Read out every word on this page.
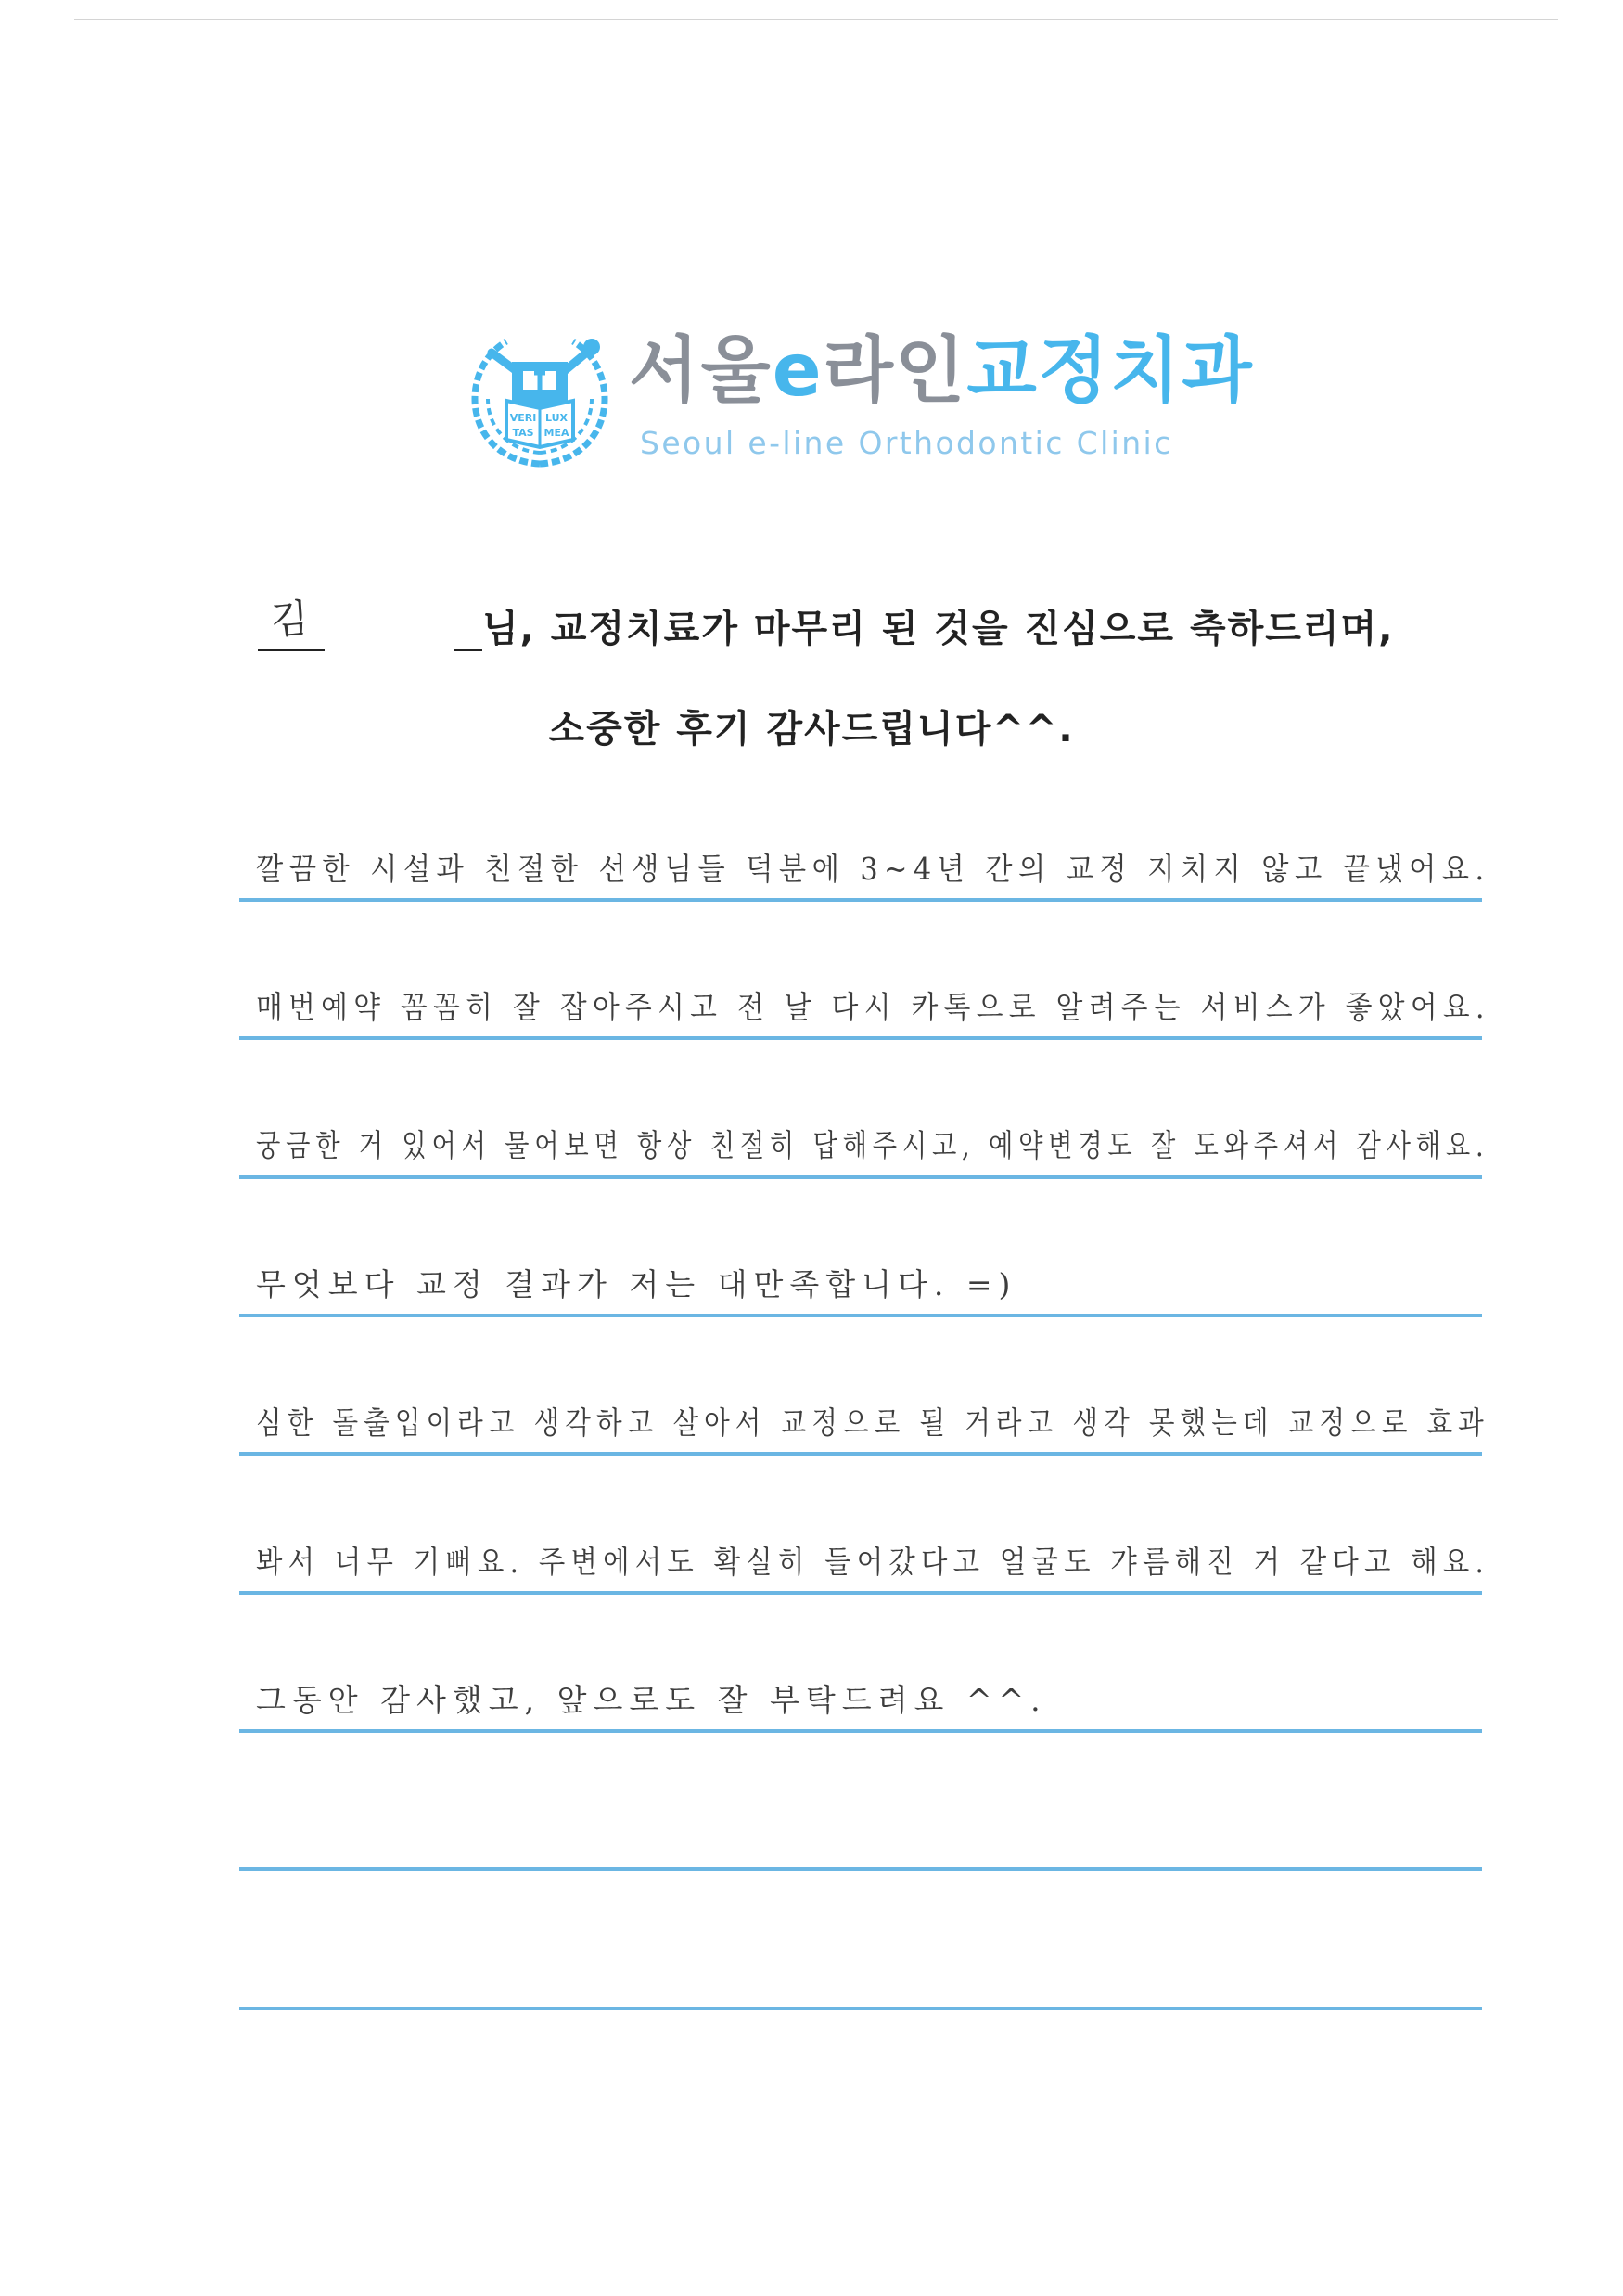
VERI LUX
TAS MEA
서울e라인교정치과

Seoul e-line Orthodontic Clinic

김	님, 교정치료가 마무리 된 것을 진심으로 축하드리며,

소중한 후기 감사드립니다^^.

깔끔한 시설과 친절한 선생님들 덕분에 3~4년 간의 교정 지치지 않고 끝냈어요.

매번예약 꼼꼼히 잘 잡아주시고 전 날 다시 카톡으로 알려주는 서비스가 좋았어요.

궁금한 거 있어서 물어보면 항상 친절히 답해주시고, 예약변경도 잘 도와주셔서 감사해요.

무엇보다 교정 결과가 저는 대만족합니다. =)

심한 돌출입이라고 생각하고 살아서 교정으로 될 거라고 생각 못했는데 교정으로 효과

봐서 너무 기뻐요. 주변에서도 확실히 들어갔다고 얼굴도 갸름해진 거 같다고 해요.

그동안 감사했고, 앞으로도 잘 부탁드려요 ^^.
